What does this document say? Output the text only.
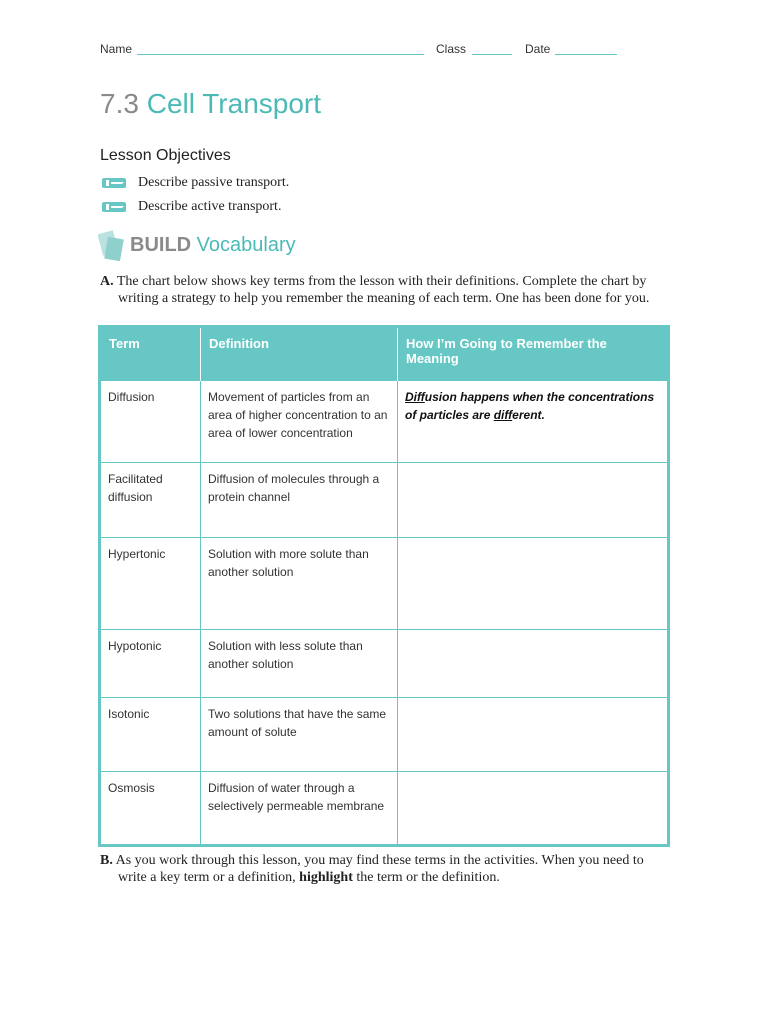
Name	Class	Date
7.3 Cell Transport
Lesson Objectives
Describe passive transport.
Describe active transport.
BUILD Vocabulary
A. The chart below shows key terms from the lesson with their definitions. Complete the chart by
writing a strategy to help you remember the meaning of each term. One has been done for you.
Term	Definition	How I’m Going to Remember the Meaning
Diffusion	Movement of particles from an area of higher concentration to an area of lower concentration	Diffusion happens when the concentrations of particles are different.
Facilitated diffusion	Diffusion of molecules through a protein channel	
Hypertonic	Solution with more solute than another solution	
Hypotonic	Solution with less solute than another solution	
Isotonic	Two solutions that have the same amount of solute	
Osmosis	Diffusion of water through a selectively permeable membrane	
B. As you work through this lesson, you may find these terms in the activities. When you need to
write a key term or a definition, highlight the term or the definition.
